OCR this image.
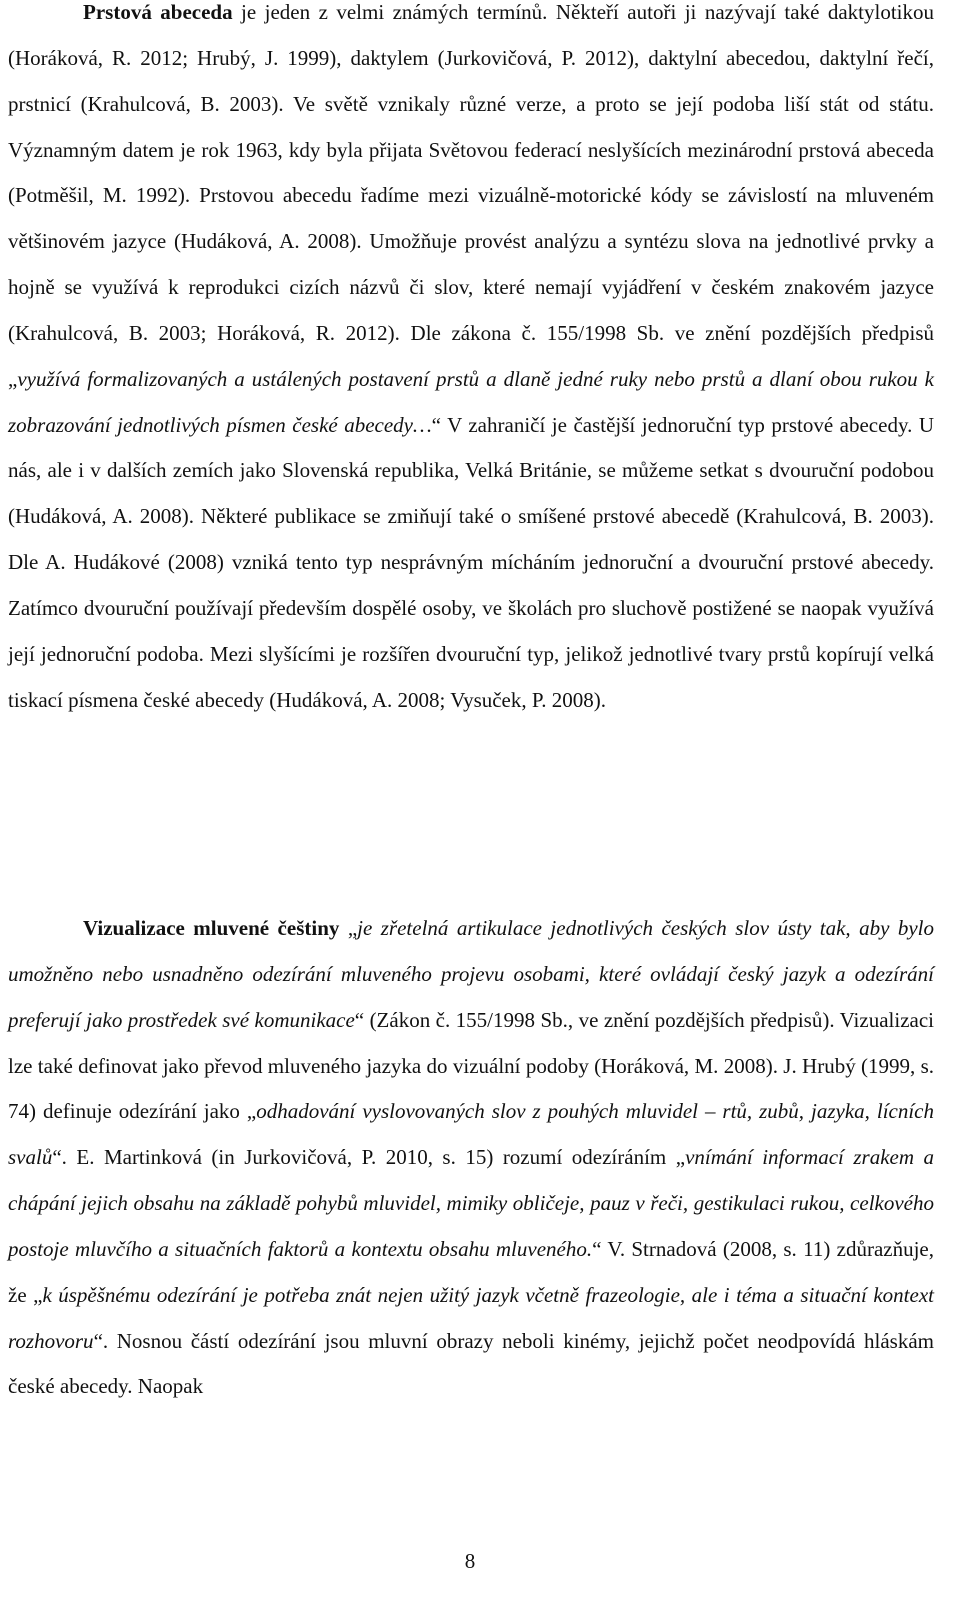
Prstová abeceda je jeden z velmi známých termínů. Někteří autoři ji nazývají také daktylotikou (Horáková, R. 2012; Hrubý, J. 1999), daktylem (Jurkovičová, P. 2012), daktylní abecedou, daktylní řečí, prstnicí (Krahulcová, B. 2003). Ve světě vznikaly různé verze, a proto se její podoba liší stát od státu. Významným datem je rok 1963, kdy byla přijata Světovou federací neslyšících mezinárodní prstová abeceda (Potměšil, M. 1992). Prstovou abecedu řadíme mezi vizuálně-motorické kódy se závislostí na mluveném většinovém jazyce (Hudáková, A. 2008). Umožňuje provést analýzu a syntézu slova na jednotlivé prvky a hojně se využívá k reprodukci cizích názvů či slov, které nemají vyjádření v českém znakovém jazyce (Krahulcová, B. 2003; Horáková, R. 2012). Dle zákona č. 155/1998 Sb. ve znění pozdějších předpisů „využívá formalizovaných a ustálených postavení prstů a dlaně jedné ruky nebo prstů a dlaní obou rukou k zobrazování jednotlivých písmen české abecedy…“ V zahraničí je častější jednoruční typ prstové abecedy. U nás, ale i v dalších zemích jako Slovenská republika, Velká Británie, se můžeme setkat s dvouruční podobou (Hudáková, A. 2008). Některé publikace se zmiňují také o smíšené prstové abecedě (Krahulcová, B. 2003). Dle A. Hudákové (2008) vzniká tento typ nesprávným mícháním jednoruční a dvouruční prstové abecedy. Zatímco dvouruční používají především dospělé osoby, ve školách pro sluchově postižené se naopak využívá její jednoruční podoba. Mezi slyšícími je rozšířen dvouruční typ, jelikož jednotlivé tvary prstů kopírují velká tiskací písmena české abecedy (Hudáková, A. 2008; Vysuček, P. 2008).

Vizualizace mluvené češtiny „je zřetelná artikulace jednotlivých českých slov ústy tak, aby bylo umožněno nebo usnadněno odezírání mluveného projevu osobami, které ovládají český jazyk a odezírání preferují jako prostředek své komunikace“ (Zákon č. 155/1998 Sb., ve znění pozdějších předpisů). Vizualizaci lze také definovat jako převod mluveného jazyka do vizuální podoby (Horáková, M. 2008). J. Hrubý (1999, s. 74) definuje odezírání jako „odhadování vyslovovaných slov z pouhých mluvidel – rtů, zubů, jazyka, lícních svalů“. E. Martinková (in Jurkovičová, P. 2010, s. 15) rozumí odezíráním „vnímání informací zrakem a chápání jejich obsahu na základě pohybů mluvidel, mimiky obličeje, pauz v řeči, gestikulaci rukou, celkového postoje mluvčího a situačních faktorů a kontextu obsahu mluveného.“ V. Strnadová (2008, s. 11) zdůrazňuje, že „k úspěšnému odezírání je potřeba znát nejen užitý jazyk včetně frazeologie, ale i téma a situační kontext rozhovoru“. Nosnou částí odezírání jsou mluvní obrazy neboli kinémy, jejichž počet neodpovídá hláskám české abecedy. Naopak

8
